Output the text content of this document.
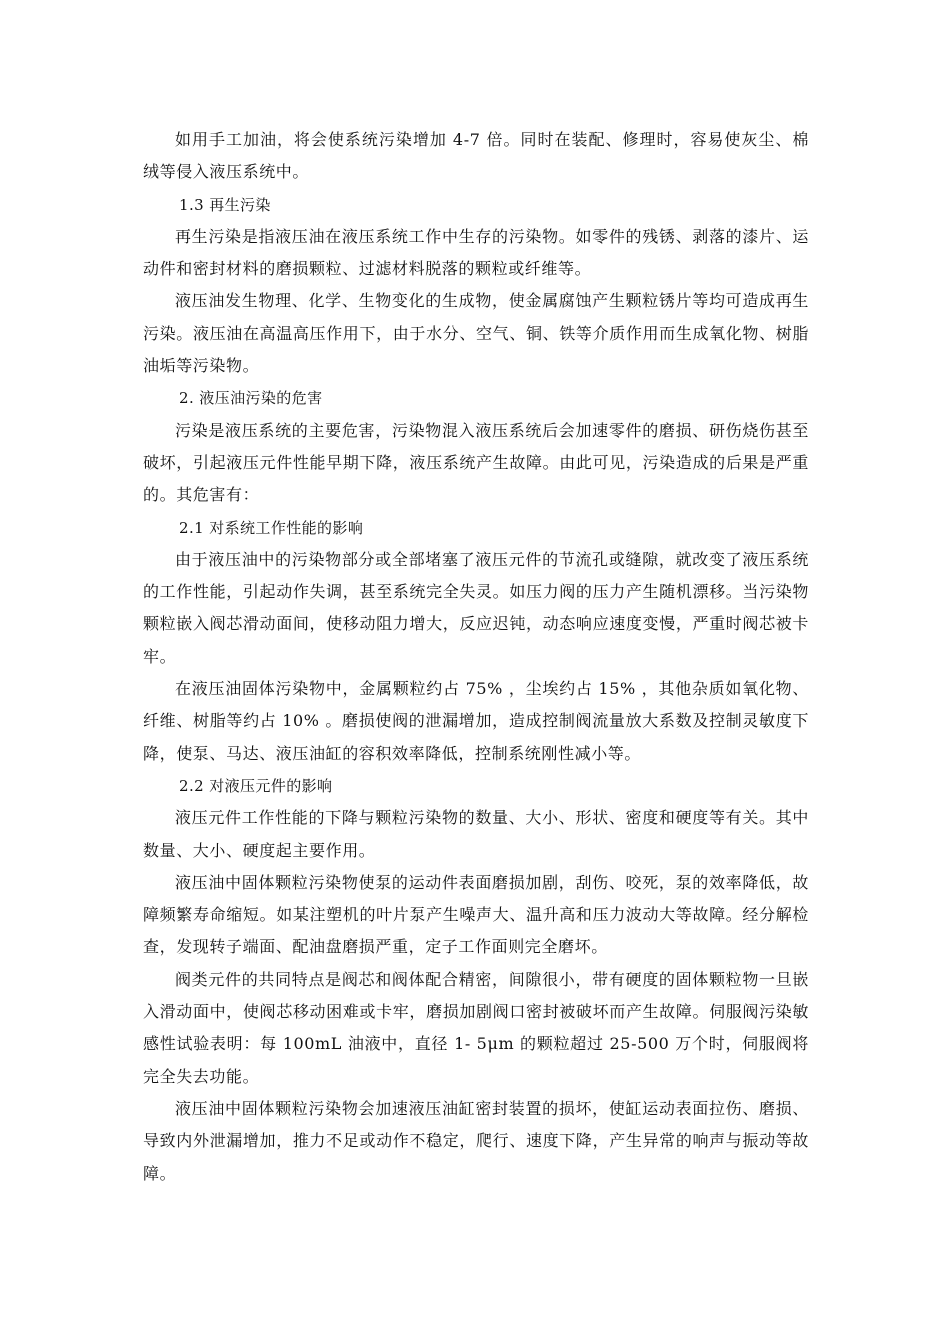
如用手工加油，将会使系统污染增加 4-7 倍。同时在装配、修理时，容易使灰尘、棉绒等侵入液压系统中。

1.3 再生污染

再生污染是指液压油在液压系统工作中生存的污染物。如零件的残锈、剥落的漆片、运动件和密封材料的磨损颗粒、过滤材料脱落的颗粒或纤维等。

液压油发生物理、化学、生物变化的生成物，使金属腐蚀产生颗粒锈片等均可造成再生污染。液压油在高温高压作用下，由于水分、空气、铜、铁等介质作用而生成氧化物、树脂油垢等污染物。

2. 液压油污染的危害

污染是液压系统的主要危害，污染物混入液压系统后会加速零件的磨损、研伤烧伤甚至破坏，引起液压元件性能早期下降，液压系统产生故障。由此可见，污染造成的后果是严重的。其危害有：

2.1 对系统工作性能的影响

由于液压油中的污染物部分或全部堵塞了液压元件的节流孔或缝隙，就改变了液压系统的工作性能，引起动作失调，甚至系统完全失灵。如压力阀的压力产生随机漂移。当污染物颗粒嵌入阀芯滑动面间，使移动阻力增大，反应迟钝，动态响应速度变慢，严重时阀芯被卡牢。

在液压油固体污染物中，金属颗粒约占 75% ，尘埃约占 15% ，其他杂质如氧化物、纤维、树脂等约占 10% 。磨损使阀的泄漏增加，造成控制阀流量放大系数及控制灵敏度下降，使泵、马达、液压油缸的容积效率降低，控制系统刚性减小等。

2.2 对液压元件的影响

液压元件工作性能的下降与颗粒污染物的数量、大小、形状、密度和硬度等有关。其中数量、大小、硬度起主要作用。

液压油中固体颗粒污染物使泵的运动件表面磨损加剧，刮伤、咬死，泵的效率降低，故障频繁寿命缩短。如某注塑机的叶片泵产生噪声大、温升高和压力波动大等故障。经分解检查，发现转子端面、配油盘磨损严重，定子工作面则完全磨坏。

阀类元件的共同特点是阀芯和阀体配合精密，间隙很小，带有硬度的固体颗粒物一旦嵌入滑动面中，使阀芯移动困难或卡牢，磨损加剧阀口密封被破坏而产生故障。伺服阀污染敏感性试验表明：每 100mL 油液中，直径 1- 5μm 的颗粒超过 25-500 万个时，伺服阀将完全失去功能。

液压油中固体颗粒污染物会加速液压油缸密封装置的损坏，使缸运动表面拉伤、磨损、导致内外泄漏增加，推力不足或动作不稳定，爬行、速度下降，产生异常的响声与振动等故障。
